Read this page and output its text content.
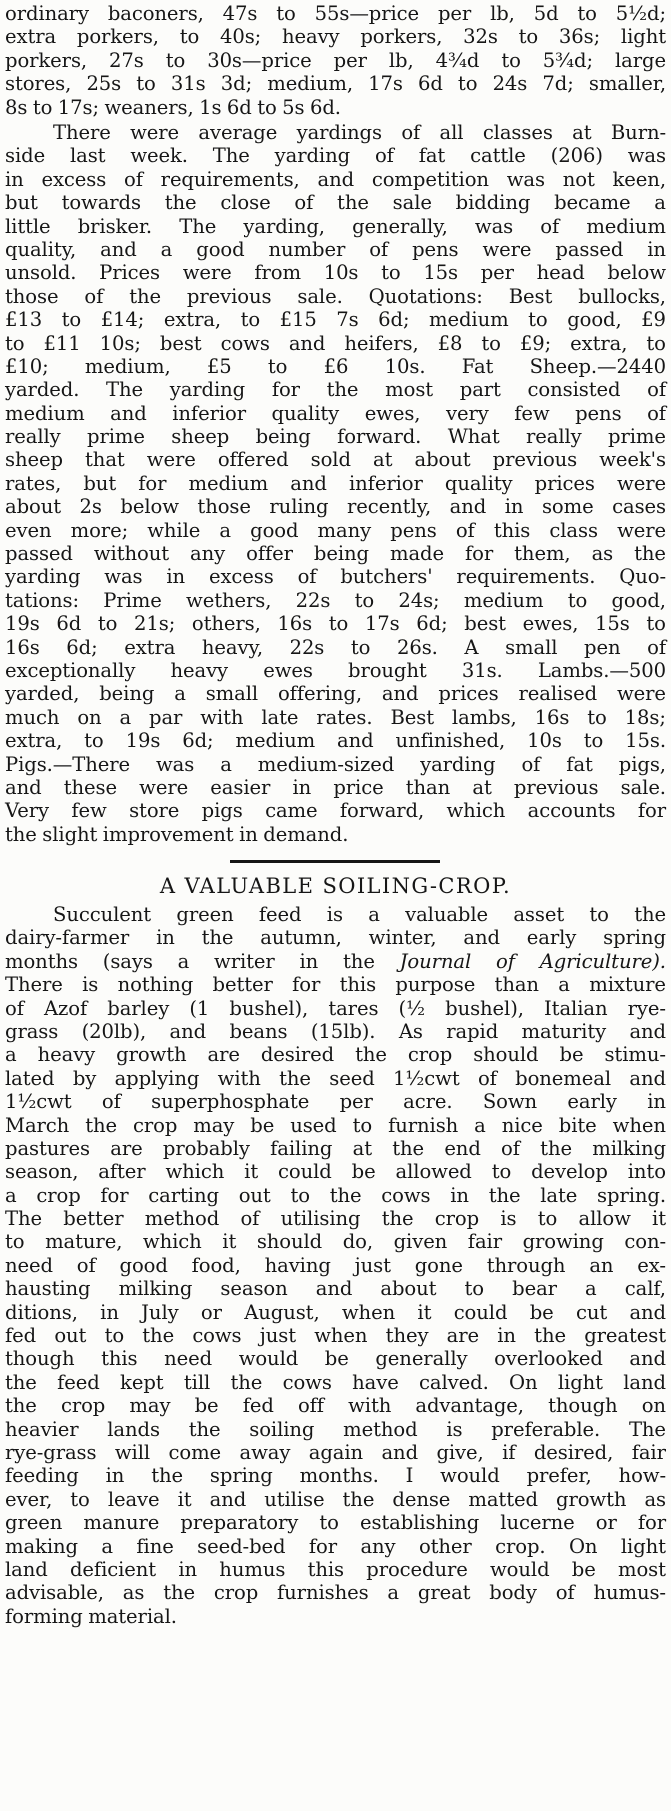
ordinary baconers, 47s to 55s—price per lb, 5d to 5½d;
extra porkers, to 40s; heavy porkers, 32s to 36s; light
porkers, 27s to 30s—price per lb, 4¾d to 5¾d; large
stores, 25s to 31s 3d; medium, 17s 6d to 24s 7d; smaller,
8s to 17s; weaners, 1s 6d to 5s 6d.
There were average yardings of all classes at Burn-
side last week. The yarding of fat cattle (206) was
in excess of requirements, and competition was not keen,
but towards the close of the sale bidding became a
little brisker. The yarding, generally, was of medium
quality, and a good number of pens were passed in
unsold. Prices were from 10s to 15s per head below
those of the previous sale. Quotations: Best bullocks,
£13 to £14; extra, to £15 7s 6d; medium to good, £9
to £11 10s; best cows and heifers, £8 to £9; extra, to
£10; medium, £5 to £6 10s. Fat Sheep.—2440
yarded. The yarding for the most part consisted of
medium and inferior quality ewes, very few pens of
really prime sheep being forward. What really prime
sheep that were offered sold at about previous week's
rates, but for medium and inferior quality prices were
about 2s below those ruling recently, and in some cases
even more; while a good many pens of this class were
passed without any offer being made for them, as the
yarding was in excess of butchers' requirements. Quo-
tations: Prime wethers, 22s to 24s; medium to good,
19s 6d to 21s; others, 16s to 17s 6d; best ewes, 15s to
16s 6d; extra heavy, 22s to 26s. A small pen of
exceptionally heavy ewes brought 31s. Lambs.—500
yarded, being a small offering, and prices realised were
much on a par with late rates. Best lambs, 16s to 18s;
extra, to 19s 6d; medium and unfinished, 10s to 15s.
Pigs.—There was a medium-sized yarding of fat pigs,
and these were easier in price than at previous sale.
Very few store pigs came forward, which accounts for
the slight improvement in demand.
A VALUABLE SOILING-CROP.
Succulent green feed is a valuable asset to the
dairy-farmer in the autumn, winter, and early spring
months (says a writer in the Journal of Agriculture).
There is nothing better for this purpose than a mixture
of Azof barley (1 bushel), tares (½ bushel), Italian rye-
grass (20lb), and beans (15lb). As rapid maturity and
a heavy growth are desired the crop should be stimu-
lated by applying with the seed 1½cwt of bonemeal and
1½cwt of superphosphate per acre. Sown early in
March the crop may be used to furnish a nice bite when
pastures are probably failing at the end of the milking
season, after which it could be allowed to develop into
a crop for carting out to the cows in the late spring.
The better method of utilising the crop is to allow it
to mature, which it should do, given fair growing con-
need of good food, having just gone through an ex-
hausting milking season and about to bear a calf,
ditions, in July or August, when it could be cut and
fed out to the cows just when they are in the greatest
though this need would be generally overlooked and
the feed kept till the cows have calved. On light land
the crop may be fed off with advantage, though on
heavier lands the soiling method is preferable. The
rye-grass will come away again and give, if desired, fair
feeding in the spring months. I would prefer, how-
ever, to leave it and utilise the dense matted growth as
green manure preparatory to establishing lucerne or for
making a fine seed-bed for any other crop. On light
land deficient in humus this procedure would be most
advisable, as the crop furnishes a great body of humus-
forming material.
